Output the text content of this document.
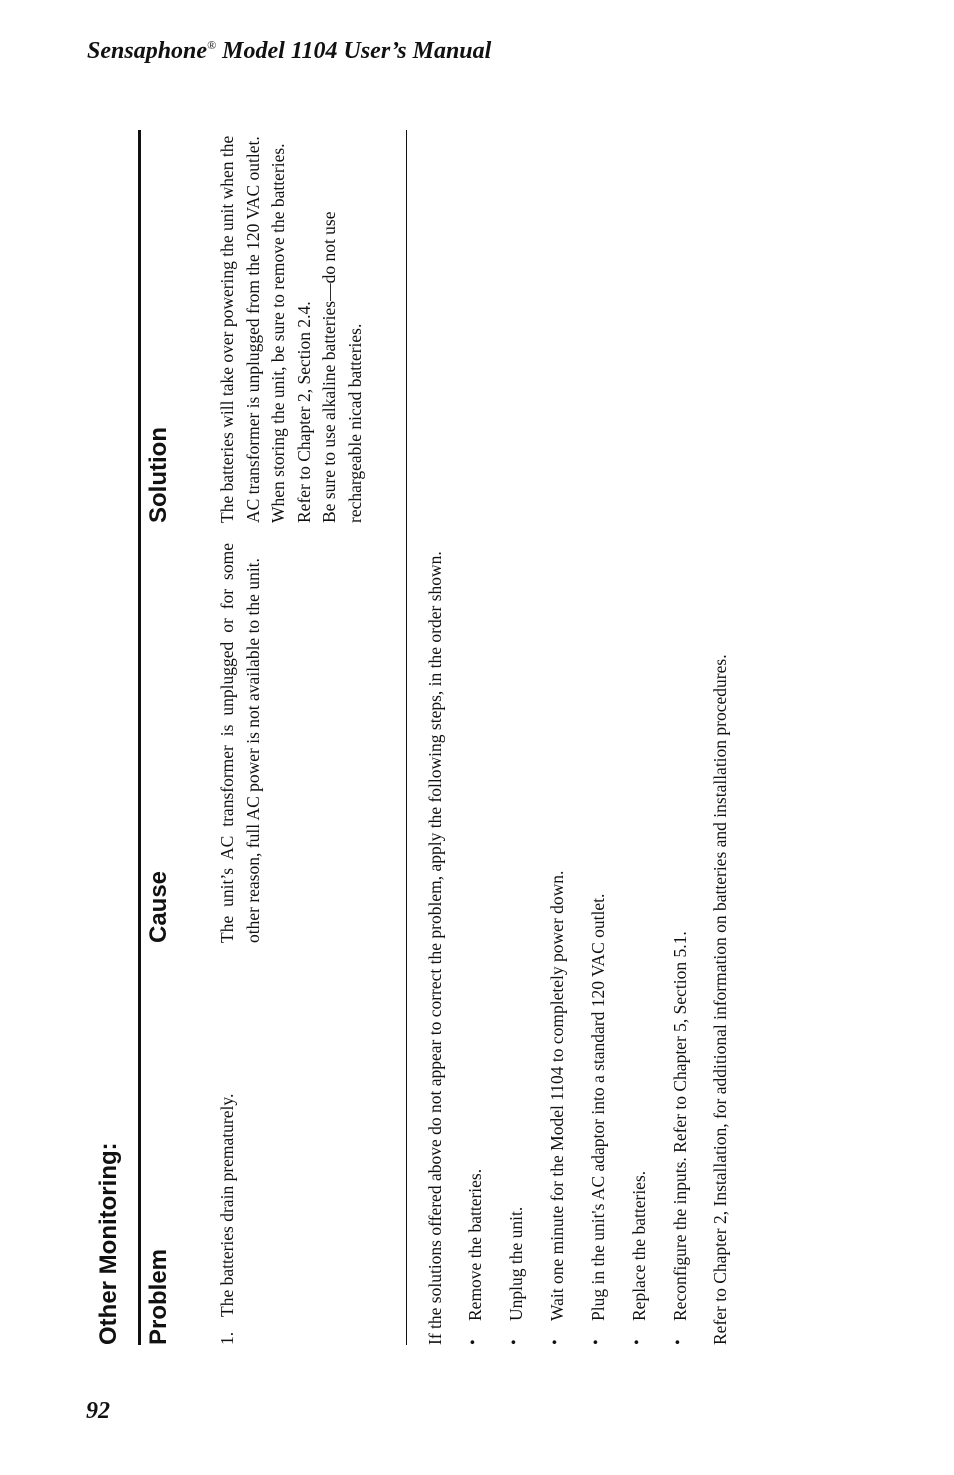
Sensaphone® Model 1104 User’s Manual
92
Other Monitoring: Problem
Cause
Solution
1.
The batteries drain prematurely.
The unit’s AC transformer is unplugged or for some other reason, full AC power is not available to the unit.

The batteries will take over powering the unit when the AC transformer is unplugged from the 120 VAC outlet. When storing the unit, be sure to remove the batteries. Refer to Chapter 2, Section 2.4. Be sure to use alkaline batteries—do not use rechargeable nicad batteries.

If the solutions offered above do not appear to correct the problem, apply the following steps, in the order shown. •
Remove the batteries.
•
Unplug the unit.
•
Wait one minute for the Model 1104 to completely power down.
•
Plug in the unit's AC adaptor into a standard 120 VAC outlet.
•
Replace the batteries.
•
Reconfigure the inputs. Refer to Chapter 5, Section 5.1.	Refer to Chapter 2, Installation, for additional information on batteries and installation procedures.
